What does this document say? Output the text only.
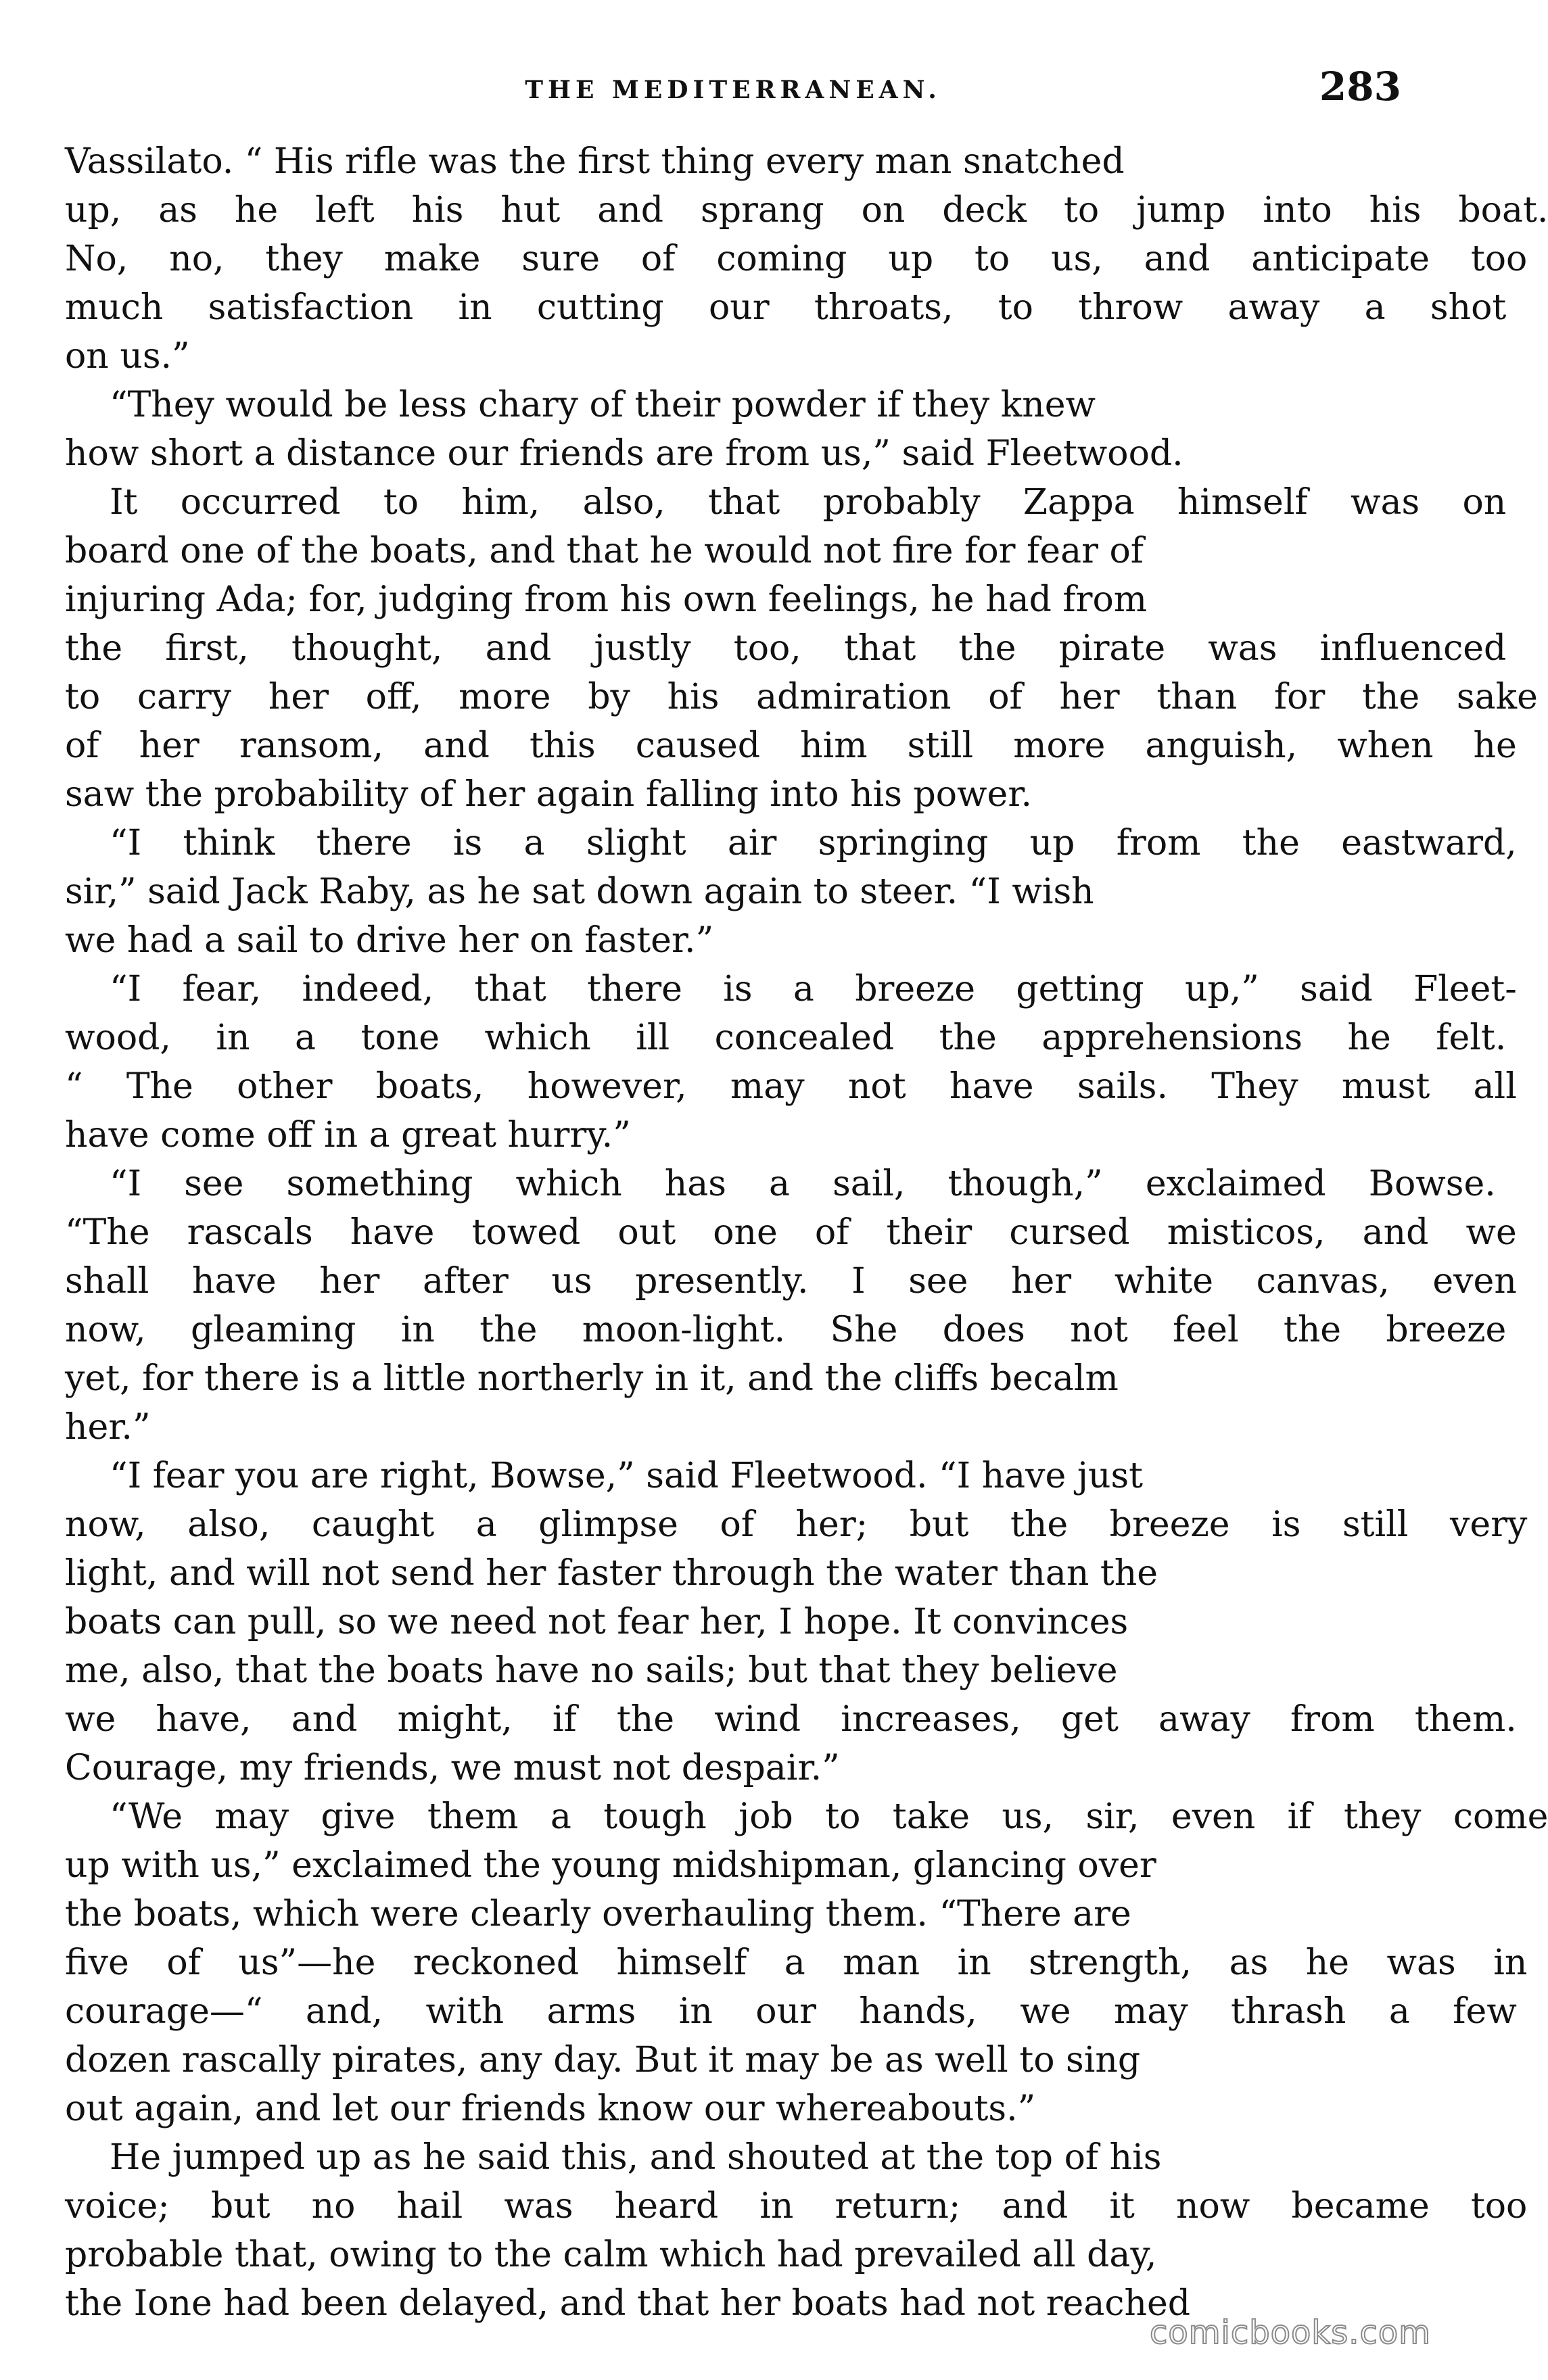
THE MEDITERRANEAN.	283
Vassilato. “ His rifle was the first thing every man snatched
up, as he left his hut and sprang on deck to jump into his boat.
No, no, they make sure of coming up to us, and anticipate too
much satisfaction in cutting our throats, to throw away a shot
on us.”
“They would be less chary of their powder if they knew
how short a distance our friends are from us,” said Fleetwood.
It occurred to him, also, that probably Zappa himself was on
board one of the boats, and that he would not fire for fear of
injuring Ada; for, judging from his own feelings, he had from
the first, thought, and justly too, that the pirate was influenced
to carry her off, more by his admiration of her than for the sake
of her ransom, and this caused him still more anguish, when he
saw the probability of her again falling into his power.
“I think there is a slight air springing up from the eastward,
sir,” said Jack Raby, as he sat down again to steer. “I wish
we had a sail to drive her on faster.”
“I fear, indeed, that there is a breeze getting up,” said Fleet-
wood, in a tone which ill concealed the apprehensions he felt.
“ The other boats, however, may not have sails. They must all
have come off in a great hurry.”
“I see something which has a sail, though,” exclaimed Bowse.
“The rascals have towed out one of their cursed misticos, and we
shall have her after us presently. I see her white canvas, even
now, gleaming in the moon-light. She does not feel the breeze
yet, for there is a little northerly in it, and the cliffs becalm
her.”
“I fear you are right, Bowse,” said Fleetwood. “I have just
now, also, caught a glimpse of her; but the breeze is still very
light, and will not send her faster through the water than the
boats can pull, so we need not fear her, I hope. It convinces
me, also, that the boats have no sails; but that they believe
we have, and might, if the wind increases, get away from them.
Courage, my friends, we must not despair.”
“We may give them a tough job to take us, sir, even if they come
up with us,” exclaimed the young midshipman, glancing over
the boats, which were clearly overhauling them. “There are
five of us”—he reckoned himself a man in strength, as he was in
courage—“ and, with arms in our hands, we may thrash a few
dozen rascally pirates, any day. But it may be as well to sing
out again, and let our friends know our whereabouts.”
He jumped up as he said this, and shouted at the top of his
voice; but no hail was heard in return; and it now became too
probable that, owing to the calm which had prevailed all day,
the Ione had been delayed, and that her boats had not reached
comicbooks.com
